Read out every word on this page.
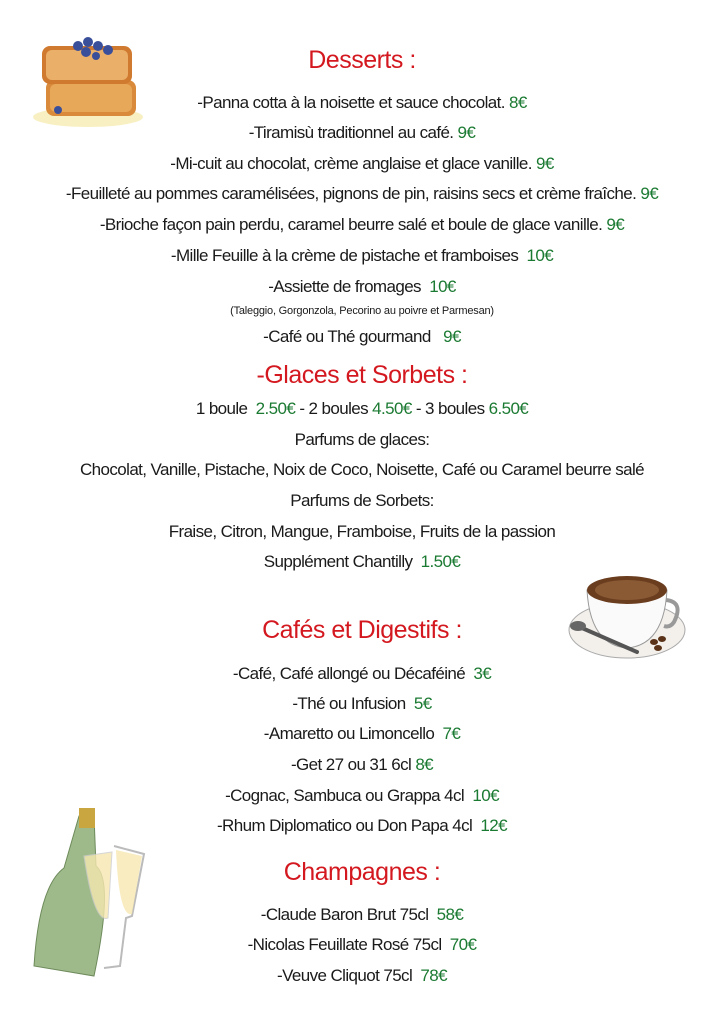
Desserts :
-Panna cotta à la noisette et sauce chocolat. 8€
-Tiramisù traditionnel au café. 9€
-Mi-cuit au chocolat, crème anglaise et glace vanille. 9€
-Feuilleté au pommes caramélisées, pignons de pin, raisins secs et crème fraîche. 9€
-Brioche façon pain perdu, caramel beurre salé et boule de glace vanille. 9€
-Mille Feuille à la crème de pistache et framboises 10€
-Assiette de fromages 10€
(Taleggio, Gorgonzola, Pecorino au poivre et Parmesan)
-Café ou Thé gourmand 9€
-Glaces et Sorbets :
1 boule 2.50€ - 2 boules 4.50€ - 3 boules 6.50€
Parfums de glaces:
Chocolat, Vanille, Pistache, Noix de Coco, Noisette, Café ou Caramel beurre salé
Parfums de Sorbets:
Fraise, Citron, Mangue, Framboise, Fruits de la passion
Supplément Chantilly 1.50€
Cafés et Digestifs :
-Café, Café allongé ou Décaféiné 3€
-Thé ou Infusion 5€
-Amaretto ou Limoncello 7€
-Get 27 ou 31 6cl 8€
-Cognac, Sambuca ou Grappa 4cl 10€
-Rhum Diplomatico ou Don Papa 4cl 12€
Champagnes :
-Claude Baron Brut 75cl 58€
-Nicolas Feuillate Rosé 75cl 70€
-Veuve Cliquot 75cl 78€
